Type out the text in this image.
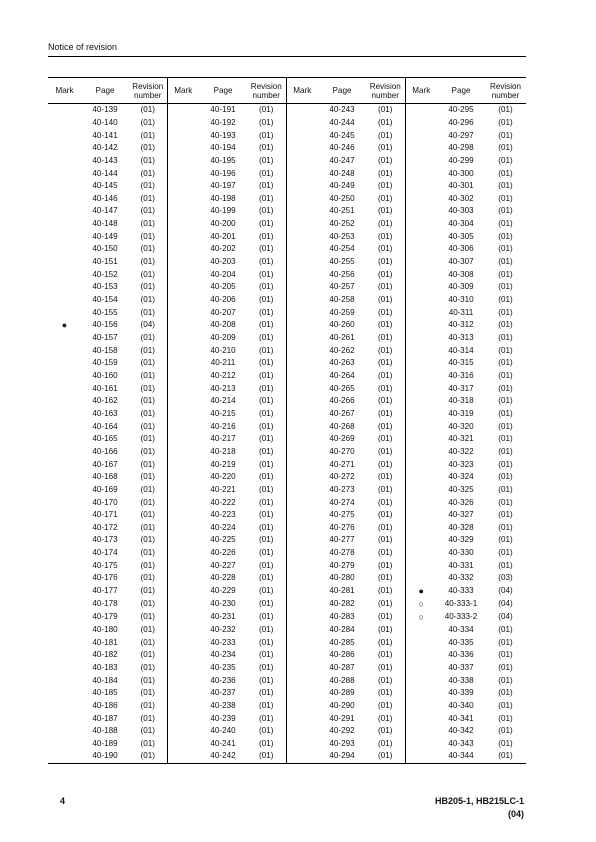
Notice of revision
Mark	Page	Revision number	Mark	Page	Revision number	Mark	Page	Revision number	Mark	Page	Revision number
	40-139	(01)		40-191	(01)		40-243	(01)		40-295	(01)
	40-140	(01)		40-192	(01)		40-244	(01)		40-296	(01)
	40-141	(01)		40-193	(01)		40-245	(01)		40-297	(01)
	40-142	(01)		40-194	(01)		40-246	(01)		40-298	(01)
	40-143	(01)		40-195	(01)		40-247	(01)		40-299	(01)
	40-144	(01)		40-196	(01)		40-248	(01)		40-300	(01)
	40-145	(01)		40-197	(01)		40-249	(01)		40-301	(01)
	40-146	(01)		40-198	(01)		40-250	(01)		40-302	(01)
	40-147	(01)		40-199	(01)		40-251	(01)		40-303	(01)
	40-148	(01)		40-200	(01)		40-252	(01)		40-304	(01)
	40-149	(01)		40-201	(01)		40-253	(01)		40-305	(01)
	40-150	(01)		40-202	(01)		40-254	(01)		40-306	(01)
	40-151	(01)		40-203	(01)		40-255	(01)		40-307	(01)
	40-152	(01)		40-204	(01)		40-256	(01)		40-308	(01)
	40-153	(01)		40-205	(01)		40-257	(01)		40-309	(01)
	40-154	(01)		40-206	(01)		40-258	(01)		40-310	(01)
	40-155	(01)		40-207	(01)		40-259	(01)		40-311	(01)
●	40-156	(04)		40-208	(01)		40-260	(01)		40-312	(01)
	40-157	(01)		40-209	(01)		40-261	(01)		40-313	(01)
	40-158	(01)		40-210	(01)		40-262	(01)		40-314	(01)
	40-159	(01)		40-211	(01)		40-263	(01)		40-315	(01)
	40-160	(01)		40-212	(01)		40-264	(01)		40-316	(01)
	40-161	(01)		40-213	(01)		40-265	(01)		40-317	(01)
	40-162	(01)		40-214	(01)		40-266	(01)		40-318	(01)
	40-163	(01)		40-215	(01)		40-267	(01)		40-319	(01)
	40-164	(01)		40-216	(01)		40-268	(01)		40-320	(01)
	40-165	(01)		40-217	(01)		40-269	(01)		40-321	(01)
	40-166	(01)		40-218	(01)		40-270	(01)		40-322	(01)
	40-167	(01)		40-219	(01)		40-271	(01)		40-323	(01)
	40-168	(01)		40-220	(01)		40-272	(01)		40-324	(01)
	40-169	(01)		40-221	(01)		40-273	(01)		40-325	(01)
	40-170	(01)		40-222	(01)		40-274	(01)		40-326	(01)
	40-171	(01)		40-223	(01)		40-275	(01)		40-327	(01)
	40-172	(01)		40-224	(01)		40-276	(01)		40-328	(01)
	40-173	(01)		40-225	(01)		40-277	(01)		40-329	(01)
	40-174	(01)		40-226	(01)		40-278	(01)		40-330	(01)
	40-175	(01)		40-227	(01)		40-279	(01)		40-331	(01)
	40-176	(01)		40-228	(01)		40-280	(01)		40-332	(03)
	40-177	(01)		40-229	(01)		40-281	(01)	●	40-333	(04)
	40-178	(01)		40-230	(01)		40-282	(01)	○	40-333-1	(04)
	40-179	(01)		40-231	(01)		40-283	(01)	○	40-333-2	(04)
	40-180	(01)		40-232	(01)		40-284	(01)		40-334	(01)
	40-181	(01)		40-233	(01)		40-285	(01)		40-335	(01)
	40-182	(01)		40-234	(01)		40-286	(01)		40-336	(01)
	40-183	(01)		40-235	(01)		40-287	(01)		40-337	(01)
	40-184	(01)		40-236	(01)		40-288	(01)		40-338	(01)
	40-185	(01)		40-237	(01)		40-289	(01)		40-339	(01)
	40-186	(01)		40-238	(01)		40-290	(01)		40-340	(01)
	40-187	(01)		40-239	(01)		40-291	(01)		40-341	(01)
	40-188	(01)		40-240	(01)		40-292	(01)		40-342	(01)
	40-189	(01)		40-241	(01)		40-293	(01)		40-343	(01)
	40-190	(01)		40-242	(01)		40-294	(01)		40-344	(01)
4	HB205-1, HB215LC-1
(04)
